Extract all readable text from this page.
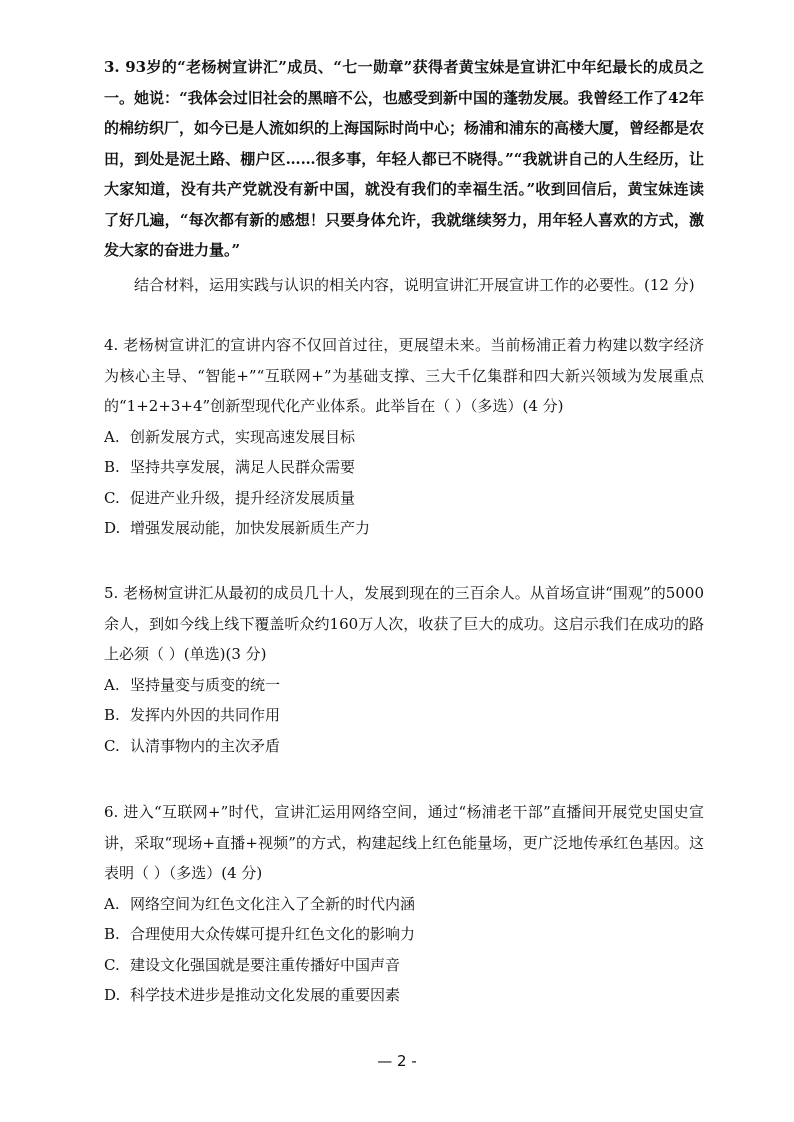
3. 93岁的“老杨树宣讲汇”成员、“七一勋章”获得者黄宝妹是宣讲汇中年纪最长的成员之一。她说：“我体会过旧社会的黑暗不公，也感受到新中国的蓬勃发展。我曾经工作了42年的棉纺织厂，如今已是人流如织的上海国际时尚中心；杨浦和浦东的高楼大厦，曾经都是农田，到处是泥土路、棚户区……很多事，年轻人都已不晓得。”“我就讲自己的人生经历，让大家知道，没有共产党就没有新中国，就没有我们的幸福生活。”收到回信后，黄宝妹连读了好几遍，“每次都有新的感想！只要身体允许，我就继续努力，用年轻人喜欢的方式，激发大家的奋进力量。”

结合材料，运用实践与认识的相关内容，说明宣讲汇开展宣讲工作的必要性。(12 分)

4. 老杨树宣讲汇的宣讲内容不仅回首过往，更展望未来。当前杨浦正着力构建以数字经济为核心主导、“智能+”“互联网+”为基础支撑、三大千亿集群和四大新兴领域为发展重点的“1+2+3+4”创新型现代化产业体系。此举旨在（ ）（多选）(4 分)

A. 创新发展方式，实现高速发展目标
B. 坚持共享发展，满足人民群众需要
C. 促进产业升级，提升经济发展质量
D. 增强发展动能，加快发展新质生产力

5. 老杨树宣讲汇从最初的成员几十人，发展到现在的三百余人。从首场宣讲“围观”的5000余人，到如今线上线下覆盖听众约160万人次，收获了巨大的成功。这启示我们在成功的路上必须（ ）(单选)(3 分)

A. 坚持量变与质变的统一
B. 发挥内外因的共同作用
C. 认清事物内的主次矛盾

6. 进入“互联网+”时代，宣讲汇运用网络空间，通过“杨浦老干部”直播间开展党史国史宣讲，采取“现场+直播+视频”的方式，构建起线上红色能量场，更广泛地传承红色基因。这表明（ ）（多选）(4 分)

A. 网络空间为红色文化注入了全新的时代内涵
B. 合理使用大众传媒可提升红色文化的影响力
C. 建设文化强国就是要注重传播好中国声音
D. 科学技术进步是推动文化发展的重要因素
— 2 -
